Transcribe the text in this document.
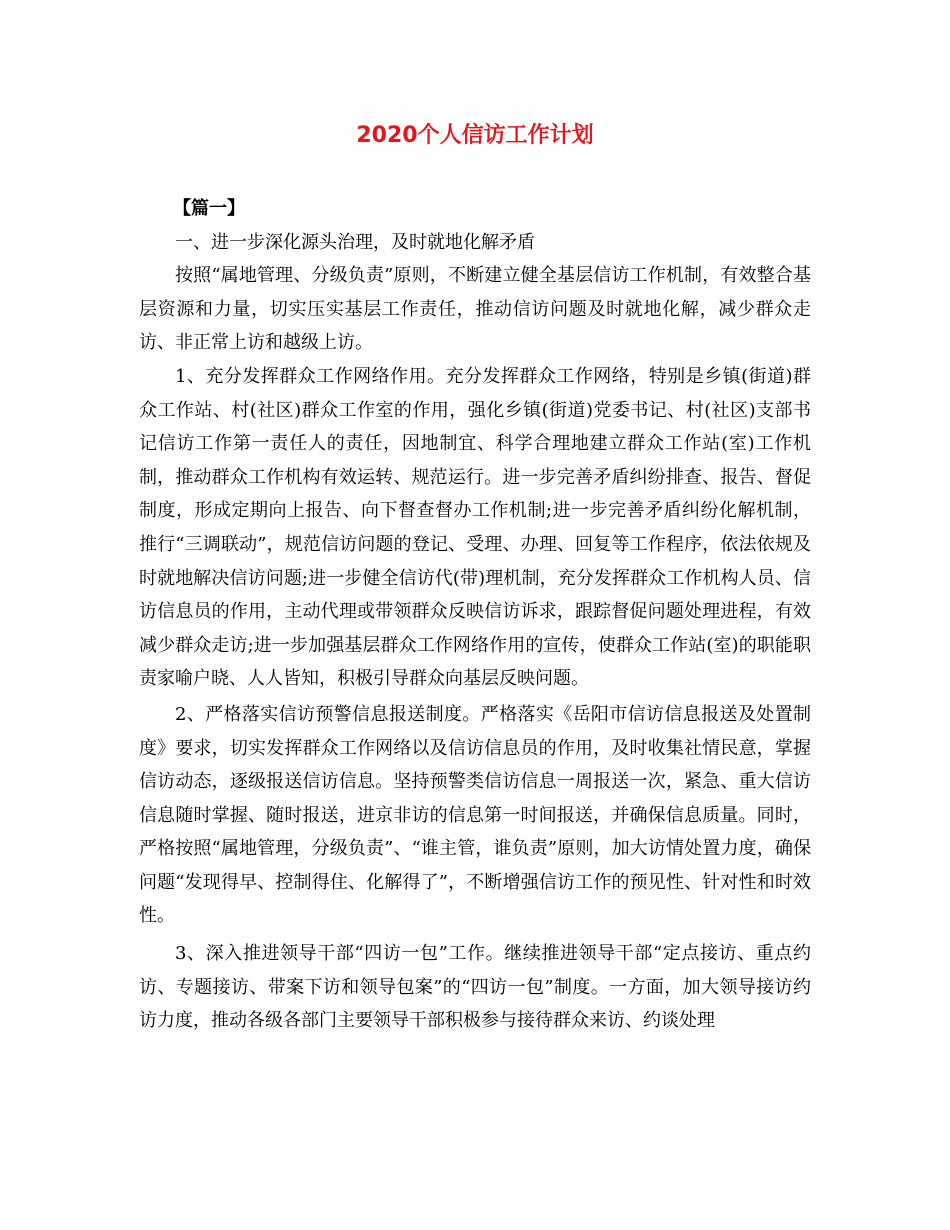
2020个人信访工作计划

【篇一】

一、进一步深化源头治理，及时就地化解矛盾

按照“属地管理、分级负责”原则，不断建立健全基层信访工作机制，有效整合基层资源和力量，切实压实基层工作责任，推动信访问题及时就地化解，减少群众走访、非正常上访和越级上访。

1、充分发挥群众工作网络作用。充分发挥群众工作网络，特别是乡镇(街道)群众工作站、村(社区)群众工作室的作用，强化乡镇(街道)党委书记、村(社区)支部书记信访工作第一责任人的责任，因地制宜、科学合理地建立群众工作站(室)工作机制，推动群众工作机构有效运转、规范运行。进一步完善矛盾纠纷排查、报告、督促制度，形成定期向上报告、向下督查督办工作机制;进一步完善矛盾纠纷化解机制，推行“三调联动”，规范信访问题的登记、受理、办理、回复等工作程序，依法依规及时就地解决信访问题;进一步健全信访代(带)理机制，充分发挥群众工作机构人员、信访信息员的作用，主动代理或带领群众反映信访诉求，跟踪督促问题处理进程，有效减少群众走访;进一步加强基层群众工作网络作用的宣传，使群众工作站(室)的职能职责家喻户晓、人人皆知，积极引导群众向基层反映问题。

2、严格落实信访预警信息报送制度。严格落实《岳阳市信访信息报送及处置制度》要求，切实发挥群众工作网络以及信访信息员的作用，及时收集社情民意，掌握信访动态，逐级报送信访信息。坚持预警类信访信息一周报送一次，紧急、重大信访信息随时掌握、随时报送，进京非访的信息第一时间报送，并确保信息质量。同时，严格按照“属地管理，分级负责”、“谁主管，谁负责”原则，加大访情处置力度，确保问题“发现得早、控制得住、化解得了”，不断增强信访工作的预见性、针对性和时效性。

3、深入推进领导干部“四访一包”工作。继续推进领导干部“定点接访、重点约访、专题接访、带案下访和领导包案”的“四访一包”制度。一方面，加大领导接访约访力度，推动各级各部门主要领导干部积极参与接待群众来访、约谈处理
